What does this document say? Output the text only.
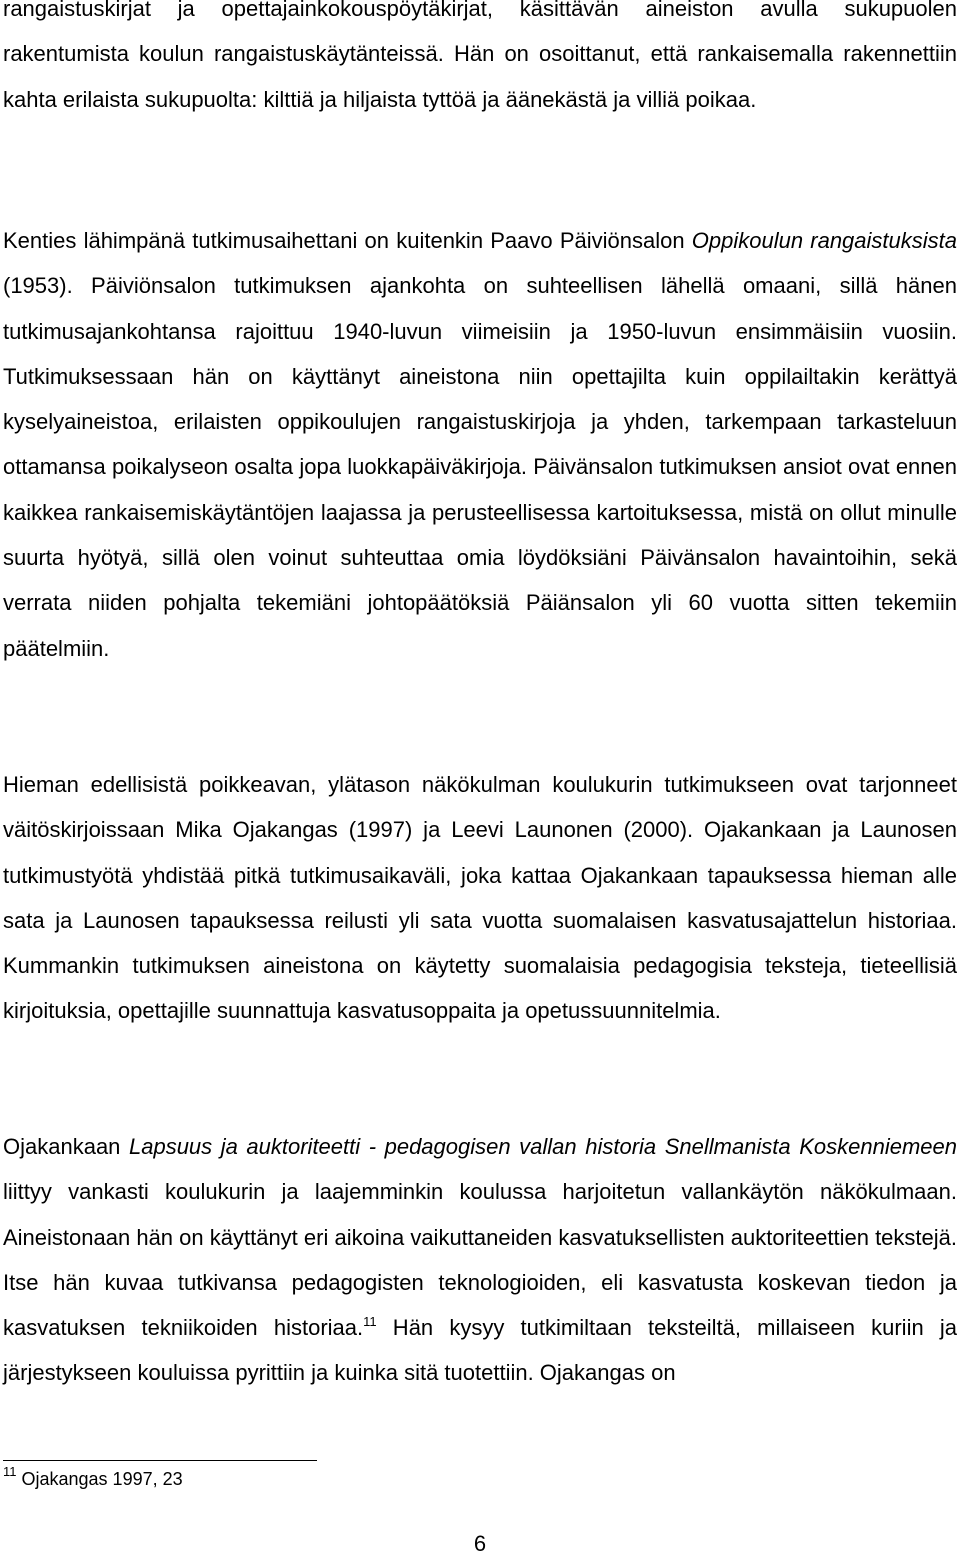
rangaistuskirjat ja opettajainkokouspöytäkirjat, käsittävän aineiston avulla sukupuolen rakentumista koulun rangaistuskäytänteissä. Hän on osoittanut, että rankaisemalla rakennettiin kahta erilaista sukupuolta: kilttiä ja hiljaista tyttöä ja äänekästä ja villiä poikaa.

Kenties lähimpänä tutkimusaihettani on kuitenkin Paavo Päiviönsalon Oppikoulun rangaistuksista (1953). Päiviönsalon tutkimuksen ajankohta on suhteellisen lähellä omaani, sillä hänen tutkimusajankohtansa rajoittuu 1940-luvun viimeisiin ja 1950-luvun ensimmäisiin vuosiin. Tutkimuksessaan hän on käyttänyt aineistona niin opettajilta kuin oppilailtakin kerättyä kyselyaineistoa, erilaisten oppikoulujen rangaistuskirjoja ja yhden, tarkempaan tarkasteluun ottamansa poikalyseon osalta jopa luokkapäiväkirjoja. Päivänsalon tutkimuksen ansiot ovat ennen kaikkea rankaisemiskäytäntöjen laajassa ja perusteellisessa kartoituksessa, mistä on ollut minulle suurta hyötyä, sillä olen voinut suhteuttaa omia löydöksiäni Päivänsalon havaintoihin, sekä verrata niiden pohjalta tekemiäni johtopäätöksiä Päiänsalon yli 60 vuotta sitten tekemiin päätelmiin.

Hieman edellisistä poikkeavan, ylätason näkökulman koulukurin tutkimukseen ovat tarjonneet väitöskirjoissaan Mika Ojakangas (1997) ja Leevi Launonen (2000). Ojakankaan ja Launosen tutkimustyötä yhdistää pitkä tutkimusaikaväli, joka kattaa Ojakankaan tapauksessa hieman alle sata ja Launosen tapauksessa reilusti yli sata vuotta suomalaisen kasvatusajattelun historiaa. Kummankin tutkimuksen aineistona on käytetty suomalaisia pedagogisia teksteja, tieteellisiä kirjoituksia, opettajille suunnattuja kasvatusoppaita ja opetussuunnitelmia.

Ojakankaan Lapsuus ja auktoriteetti - pedagogisen vallan historia Snellmanista Koskenniemeen liittyy vankasti koulukurin ja laajemminkin koulussa harjoitetun vallankäytön näkökulmaan. Aineistonaan hän on käyttänyt eri aikoina vaikuttaneiden kasvatuksellisten auktoriteettien tekstejä. Itse hän kuvaa tutkivansa pedagogisten teknologioiden, eli kasvatusta koskevan tiedon ja kasvatuksen tekniikoiden historiaa.$^{11}$ Hän kysyy tutkimiltaan teksteiltä, millaiseen kuriin ja järjestykseen kouluissa pyrittiin ja kuinka sitä tuotettiin. Ojakangas on

$^{11}$ Ojakangas 1997, 23
6
